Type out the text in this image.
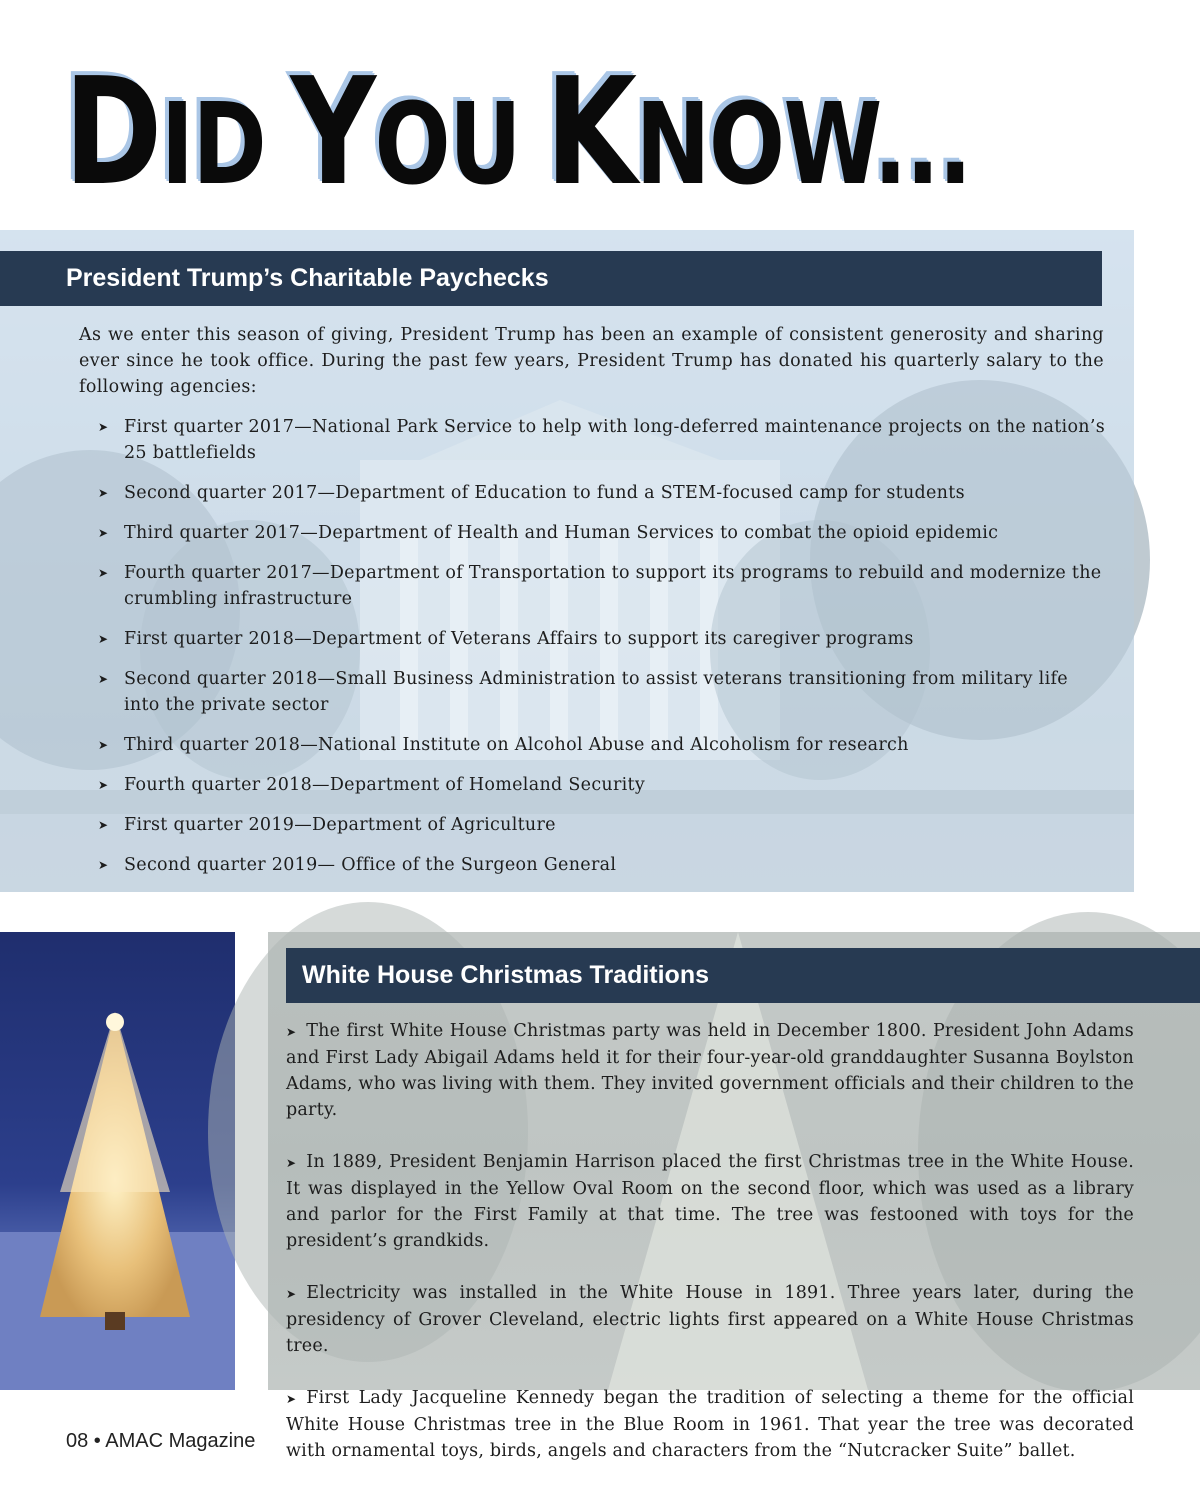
DID YOU KNOW...
President Trump’s Charitable Paychecks

As we enter this season of giving, President Trump has been an example of consistent generosity and sharing ever since he took office. During the past few years, President Trump has donated his quarterly salary to the following agencies:

➤ First quarter 2017—National Park Service to help with long-deferred maintenance projects on the nation’s 25 battlefields
➤ Second quarter 2017—Department of Education to fund a STEM-focused camp for students
➤ Third quarter 2017—Department of Health and Human Services to combat the opioid epidemic
➤ Fourth quarter 2017—Department of Transportation to support its programs to rebuild and modernize the crumbling infrastructure
➤ First quarter 2018—Department of Veterans Affairs to support its caregiver programs
➤ Second quarter 2018—Small Business Administration to assist veterans transitioning from military life into the private sector
➤ Third quarter 2018—National Institute on Alcohol Abuse and Alcoholism for research
➤ Fourth quarter 2018—Department of Homeland Security
➤ First quarter 2019—Department of Agriculture
➤ Second quarter 2019— Office of the Surgeon General
White House Christmas Traditions
➤ The first White House Christmas party was held in December 1800. President John Adams and First Lady Abigail Adams held it for their four-year-old granddaughter Susanna Boylston Adams, who was living with them. They invited government officials and their children to the party.
➤ In 1889, President Benjamin Harrison placed the first Christmas tree in the White House. It was displayed in the Yellow Oval Room on the second floor, which was used as a library and parlor for the First Family at that time. The tree was festooned with toys for the president’s grandkids.
➤ Electricity was installed in the White House in 1891. Three years later, during the presidency of Grover Cleveland, electric lights first appeared on a White House Christmas tree.
➤ First Lady Jacqueline Kennedy began the tradition of selecting a theme for the official White House Christmas tree in the Blue Room in 1961. That year the tree was decorated with ornamental toys, birds, angels and characters from the “Nutcracker Suite” ballet.
08 • AMAC Magazine
